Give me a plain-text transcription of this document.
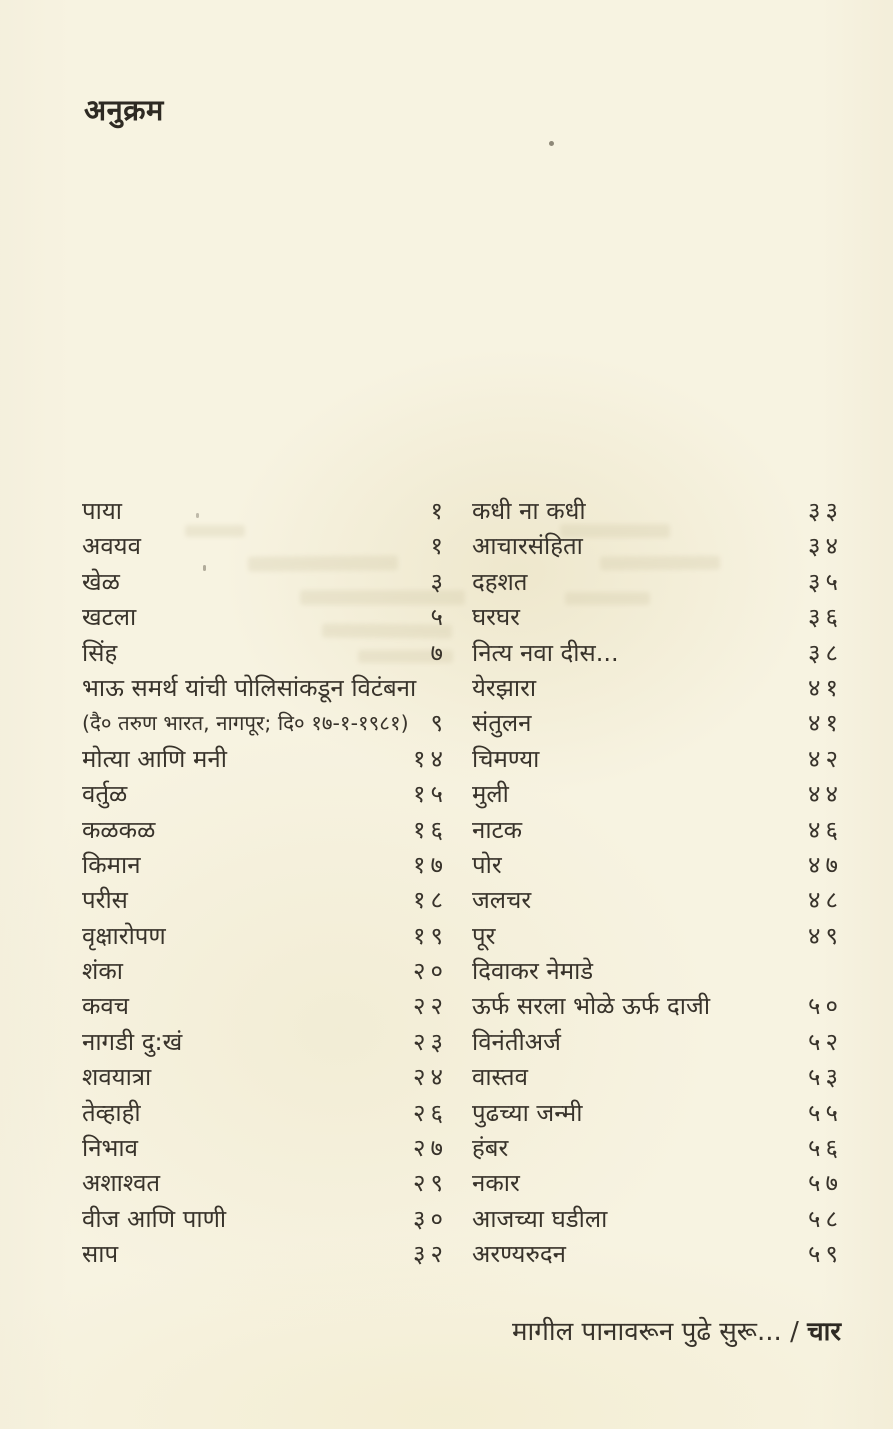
अनुक्रम
पाया	१
अवयव	१
खेळ	३
खटला	५
सिंह	७
भाऊ समर्थ यांची पोलिसांकडून विटंबना
(दै० तरुण भारत, नागपूर; दि० १७-१-१९८१) ९
मोत्या आणि मनी	१४
वर्तुळ	१५
कळकळ	१६
किमान	१७
परीस	१८
वृक्षारोपण	१९
शंका	२०
कवच	२२
नागडी दु:खं	२३
शवयात्रा	२४
तेव्हाही	२६
निभाव	२७
अशाश्वत	२९
वीज आणि पाणी	३०
साप	३२
कधी ना कधी	३३
आचारसंहिता	३४
दहशत	३५
घरघर	३६
नित्य नवा दीस...	३८
येरझारा	४१
संतुलन	४१
चिमण्या	४२
मुली	४४
नाटक	४६
पोर	४७
जलचर	४८
पूर	४९
दिवाकर नेमाडे
ऊर्फ सरला भोळे ऊर्फ दाजी	५०
विनंतीअर्ज	५२
वास्तव	५३
पुढच्या जन्मी	५५
हंबर	५६
नकार	५७
आजच्या घडीला	५८
अरण्यरुदन	५९
मागील पानावरून पुढे सुरू... / चार
